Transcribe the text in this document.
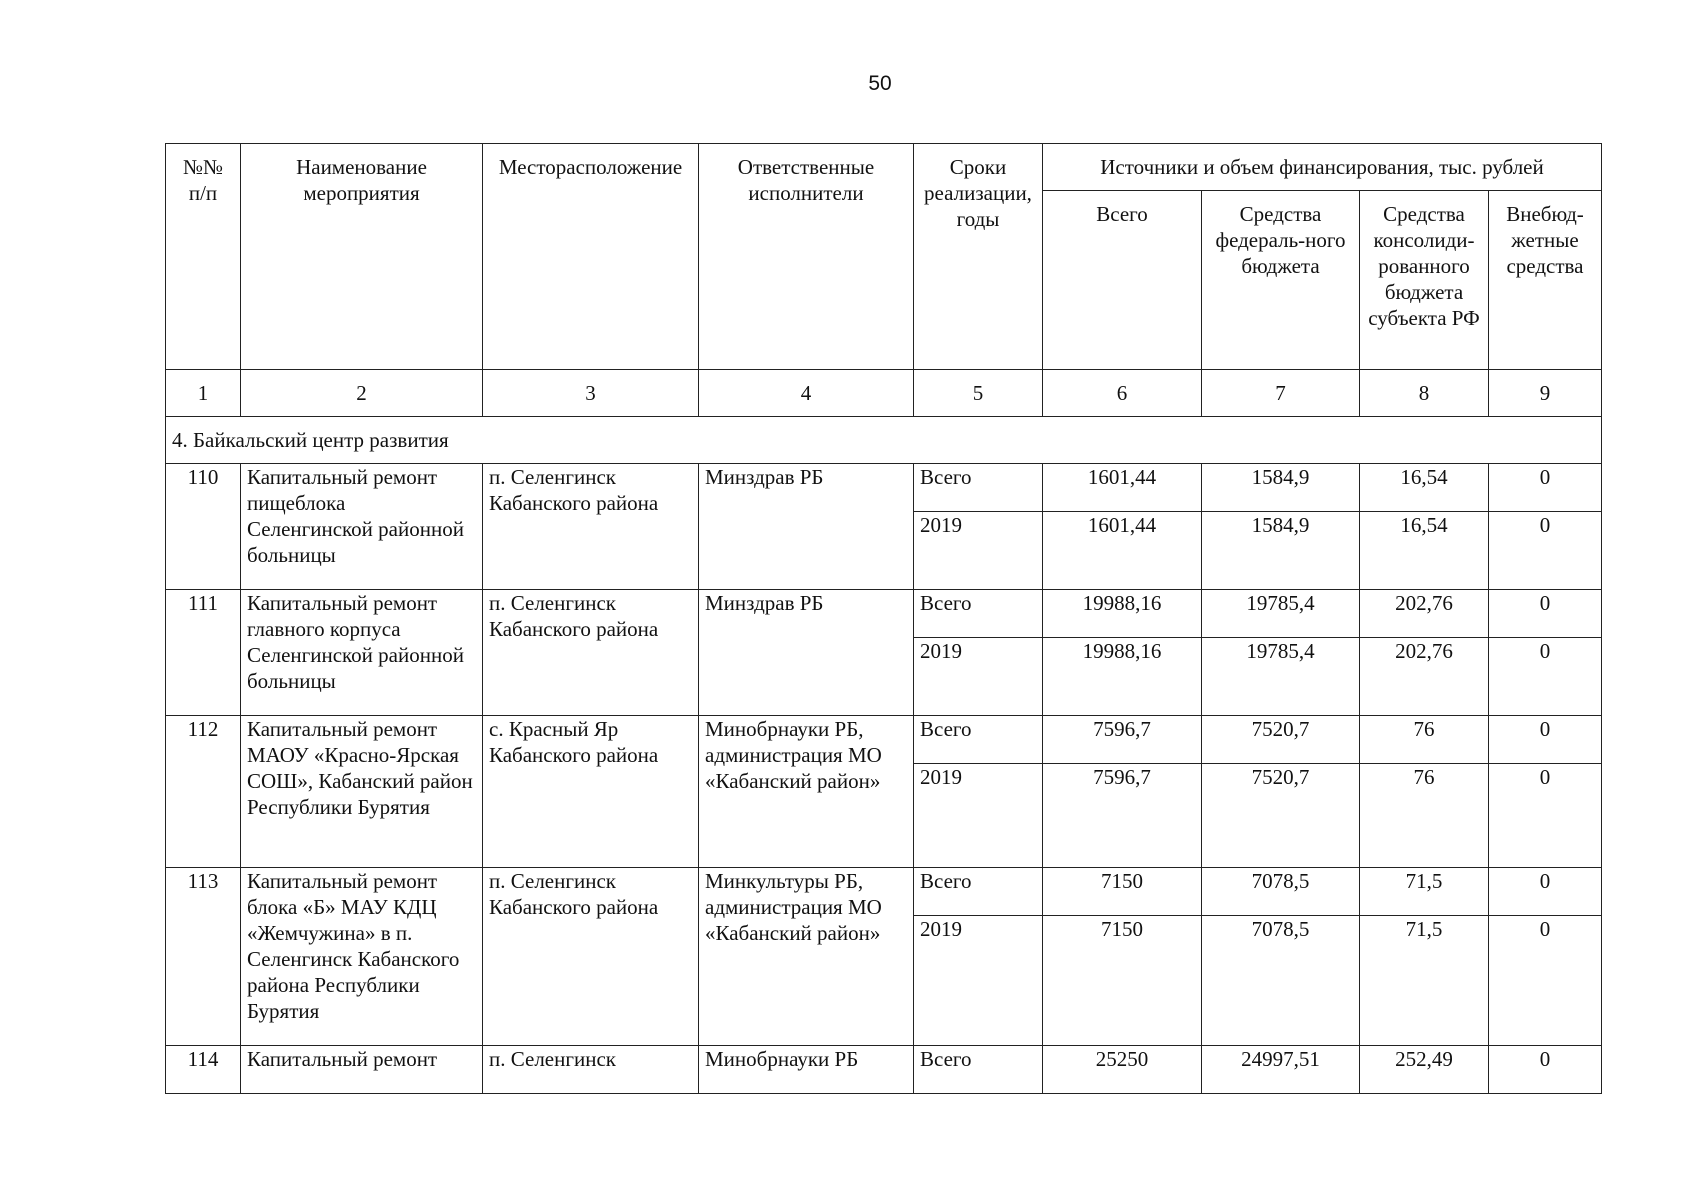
50
№№ п/п	Наименование мероприятия	Месторасположение	Ответственные исполнители	Сроки реализации, годы	Источники и объем финансирования, тыс. рублей			
					Всего	Средства федераль-ного бюджета	Средства консолиди-рованного бюджета субъекта РФ	Внебюд-жетные средства
1	2	3	4	5	6	7	8	9
4. Байкальский центр развития								
110	Капитальный ремонт пищеблока Селенгинской районной больницы	п. Селенгинск Кабанского района	Минздрав РБ	Всего	1601,44	1584,9	16,54	0
				2019	1601,44	1584,9	16,54	0
111	Капитальный ремонт главного корпуса Селенгинской районной больницы	п. Селенгинск Кабанского района	Минздрав РБ	Всего	19988,16	19785,4	202,76	0
				2019	19988,16	19785,4	202,76	0
112	Капитальный ремонт МАОУ «Красно-Ярская СОШ», Кабанский район Республики Бурятия	с. Красный Яр Кабанского района	Минобрнауки РБ, администрация МО «Кабанский район»	Всего	7596,7	7520,7	76	0
				2019	7596,7	7520,7	76	0
113	Капитальный ремонт блока «Б» МАУ КДЦ «Жемчужина» в п. Селенгинск Кабанского района Республики Бурятия	п. Селенгинск Кабанского района	Минкультуры РБ, администрация МО «Кабанский район»	Всего	7150	7078,5	71,5	0
				2019	7150	7078,5	71,5	0
114	Капитальный ремонт	п. Селенгинск	Минобрнауки РБ	Всего	25250	24997,51	252,49	0
